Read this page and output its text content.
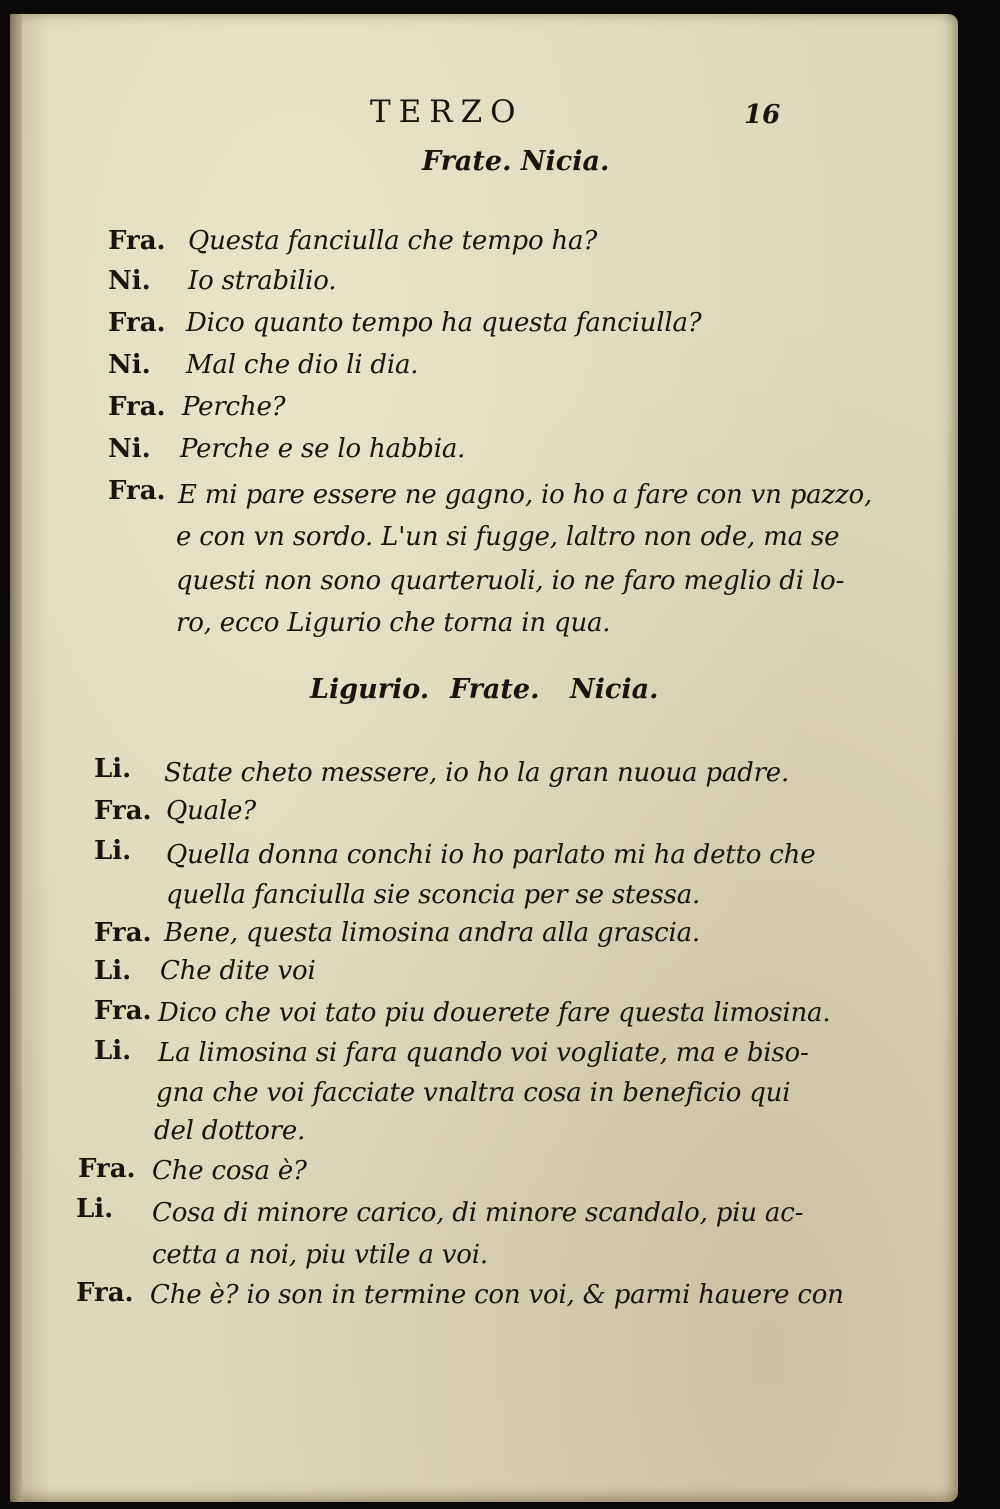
TERZO	16
Frate. Nicia.
Fra. Questa fanciulla che tempo ha?
Ni. Io strabilio.
Fra. Dico quanto tempo ha questa fanciulla?
Ni. Mal che dio li dia.
Fra. Perche?
Ni. Perche e se lo habbia.
Fra. E mi pare essere ne gagno, io ho a fare con vn pazzo,
e con vn sordo. L'un si fugge, laltro non ode, ma se
questi non sono quarteruoli, io ne faro meglio di lo-
ro, ecco Ligurio che torna in qua.
Ligurio. Frate. Nicia.
Li. State cheto messere, io ho la gran nuoua padre.
Fra. Quale?
Li. Quella donna conchi io ho parlato mi ha detto che
quella fanciulla sie sconcia per se stessa.
Fra. Bene, questa limosina andra alla grascia.
Li. Che dite voi
Fra. Dico che voi tato piu douerete fare questa limosina.
Li. La limosina si fara quando voi vogliate, ma e biso-
gna che voi facciate vnaltra cosa in beneficio qui
del dottore.
Fra. Che cosa è?
Li. Cosa di minore carico, di minore scandalo, piu ac-
cetta a noi, piu vtile a voi.
Fra. Che è? io son in termine con voi, & parmi hauere con
